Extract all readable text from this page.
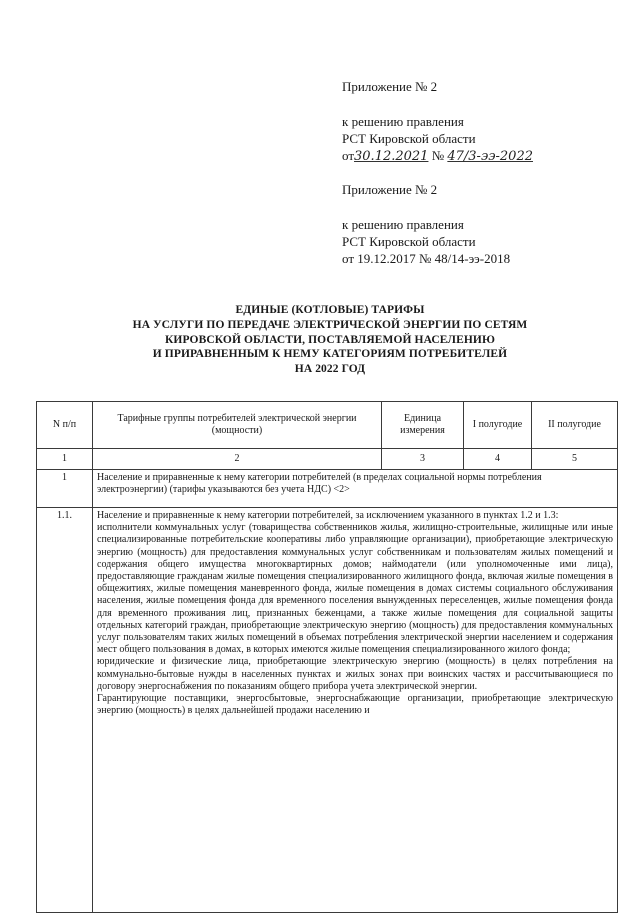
Приложение № 2

к решению правления

РСТ Кировской области

от30.12.2021 № 47/3-ээ-2022

Приложение № 2

к решению правления

РСТ Кировской области

от 19.12.2017 № 48/14-ээ-2018

ЕДИНЫЕ (КОТЛОВЫЕ) ТАРИФЫ
НА УСЛУГИ ПО ПЕРЕДАЧЕ ЭЛЕКТРИЧЕСКОЙ ЭНЕРГИИ ПО СЕТЯМ
КИРОВСКОЙ ОБЛАСТИ, ПОСТАВЛЯЕМОЙ НАСЕЛЕНИЮ
И ПРИРАВНЕННЫМ К НЕМУ КАТЕГОРИЯМ ПОТРЕБИТЕЛЕЙ
НА 2022 ГОД
N п/п	Тарифные группы потребителей электрической энергии (мощности)	Единица измерения	I полугодие	II полугодие
1	2	3	4	5
1	Население и приравненные к нему категории потребителей (в пределах социальной нормы потребления электроэнергии) (тарифы указываются без учета НДС) <2>			
1.1.	Население и приравненные к нему категории потребителей, за исключением указанного в пунктах 1.2 и 1.3:

исполнители коммунальных услуг (товарищества собственников жилья, жилищно-строительные, жилищные или иные специализированные потребительские кооперативы либо управляющие организации), приобретающие электрическую энергию (мощность) для предоставления коммунальных услуг собственникам и пользователям жилых помещений и содержания общего имущества многоквартирных домов; наймодатели (или уполномоченные ими лица), предоставляющие гражданам жилые помещения специализированного жилищного фонда, включая жилые помещения в общежитиях, жилые помещения маневренного фонда, жилые помещения в домах системы социального обслуживания населения, жилые помещения фонда для временного поселения вынужденных переселенцев, жилые помещения фонда для временного проживания лиц, признанных беженцами, а также жилые помещения для социальной защиты отдельных категорий граждан, приобретающие электрическую энергию (мощность) для предоставления коммунальных услуг пользователям таких жилых помещений в объемах потребления электрической энергии населением и содержания мест общего пользования в домах, в которых имеются жилые помещения специализированного жилого фонда;

юридические и физические лица, приобретающие электрическую энергию (мощность) в целях потребления на коммунально-бытовые нужды в населенных пунктах и жилых зонах при воинских частях и рассчитывающиеся по договору энергоснабжения по показаниям общего прибора учета электрической энергии.

Гарантирующие поставщики, энергосбытовые, энергоснабжающие организации, приобретающие электрическую энергию (мощность) в целях дальнейшей продажи населению и			
